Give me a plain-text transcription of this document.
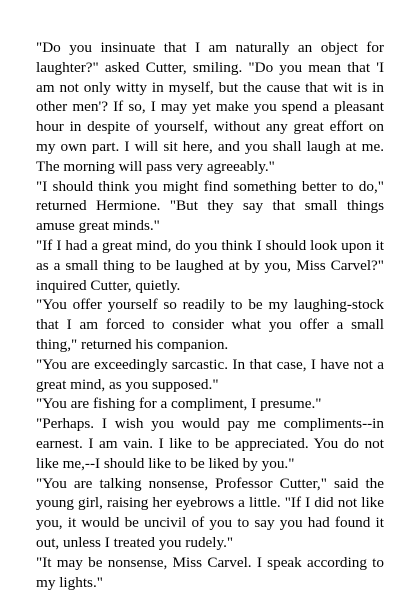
"Do you insinuate that I am naturally an object for laughter?" asked Cutter, smiling. "Do you mean that 'I am not only witty in myself, but the cause that wit is in other men'? If so, I may yet make you spend a pleasant hour in despite of yourself, without any great effort on my own part. I will sit here, and you shall laugh at me. The morning will pass very agreeably."

"I should think you might find something better to do," returned Hermione. "But they say that small things amuse great minds."

"If I had a great mind, do you think I should look upon it as a small thing to be laughed at by you, Miss Carvel?" inquired Cutter, quietly.

"You offer yourself so readily to be my laughing-stock that I am forced to consider what you offer a small thing," returned his companion.

"You are exceedingly sarcastic. In that case, I have not a great mind, as you supposed."

"You are fishing for a compliment, I presume."

"Perhaps. I wish you would pay me compliments--in earnest. I am vain. I like to be appreciated. You do not like me,--I should like to be liked by you."

"You are talking nonsense, Professor Cutter," said the young girl, raising her eyebrows a little. "If I did not like you, it would be uncivil of you to say you had found it out, unless I treated you rudely."

"It may be nonsense, Miss Carvel. I speak according to my lights."
